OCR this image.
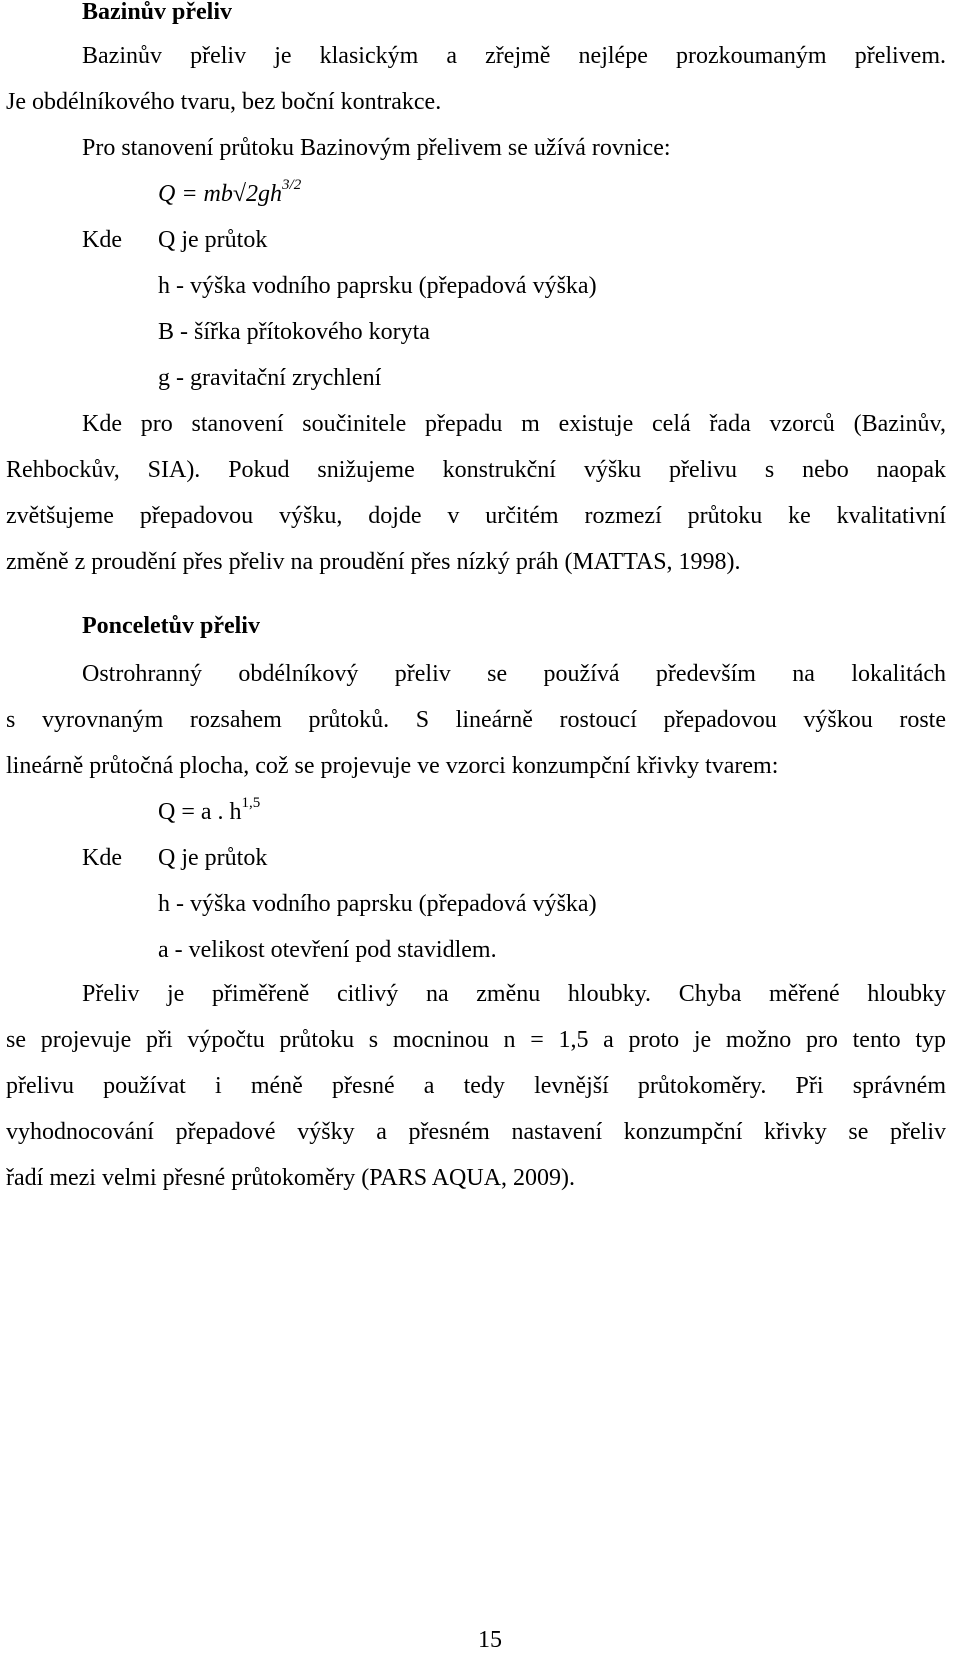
Bazinův přeliv
Bazinův přeliv je klasickým a zřejmě nejlépe prozkoumaným přelivem.
Je obdélníkového tvaru, bez boční kontrakce.
Pro stanovení průtoku Bazinovým přelivem se užívá rovnice:
$Q = mb√2gh^{3/2}$
Kde Q je průtok
h - výška vodního paprsku (přepadová výška)
B - šířka přítokového koryta
g - gravitační zrychlení
Kde pro stanovení součinitele přepadu m existuje celá řada vzorců (Bazinův,
Rehbockův, SIA). Pokud snižujeme konstrukční výšku přelivu s nebo naopak
zvětšujeme přepadovou výšku, dojde v určitém rozmezí průtoku ke kvalitativní
změně z proudění přes přeliv na proudění přes nízký práh (MATTAS, 1998).
Ponceletův přeliv
Ostrohranný obdélníkový přeliv se používá především na lokalitách
s vyrovnaným rozsahem průtoků. S lineárně rostoucí přepadovou výškou roste
lineárně průtočná plocha, což se projevuje ve vzorci konzumpční křivky tvarem:
Q = a . $h^{1,5}$
Kde Q je průtok
h - výška vodního paprsku (přepadová výška)
a - velikost otevření pod stavidlem.
Přeliv je přiměřeně citlivý na změnu hloubky. Chyba měřené hloubky
se projevuje při výpočtu průtoku s mocninou n = 1,5 a proto je možno pro tento typ
přelivu používat i méně přesné a tedy levnější průtokoměry. Při správném
vyhodnocování přepadové výšky a přesném nastavení konzumpční křivky se přeliv
řadí mezi velmi přesné průtokoměry (PARS AQUA, 2009).
15
